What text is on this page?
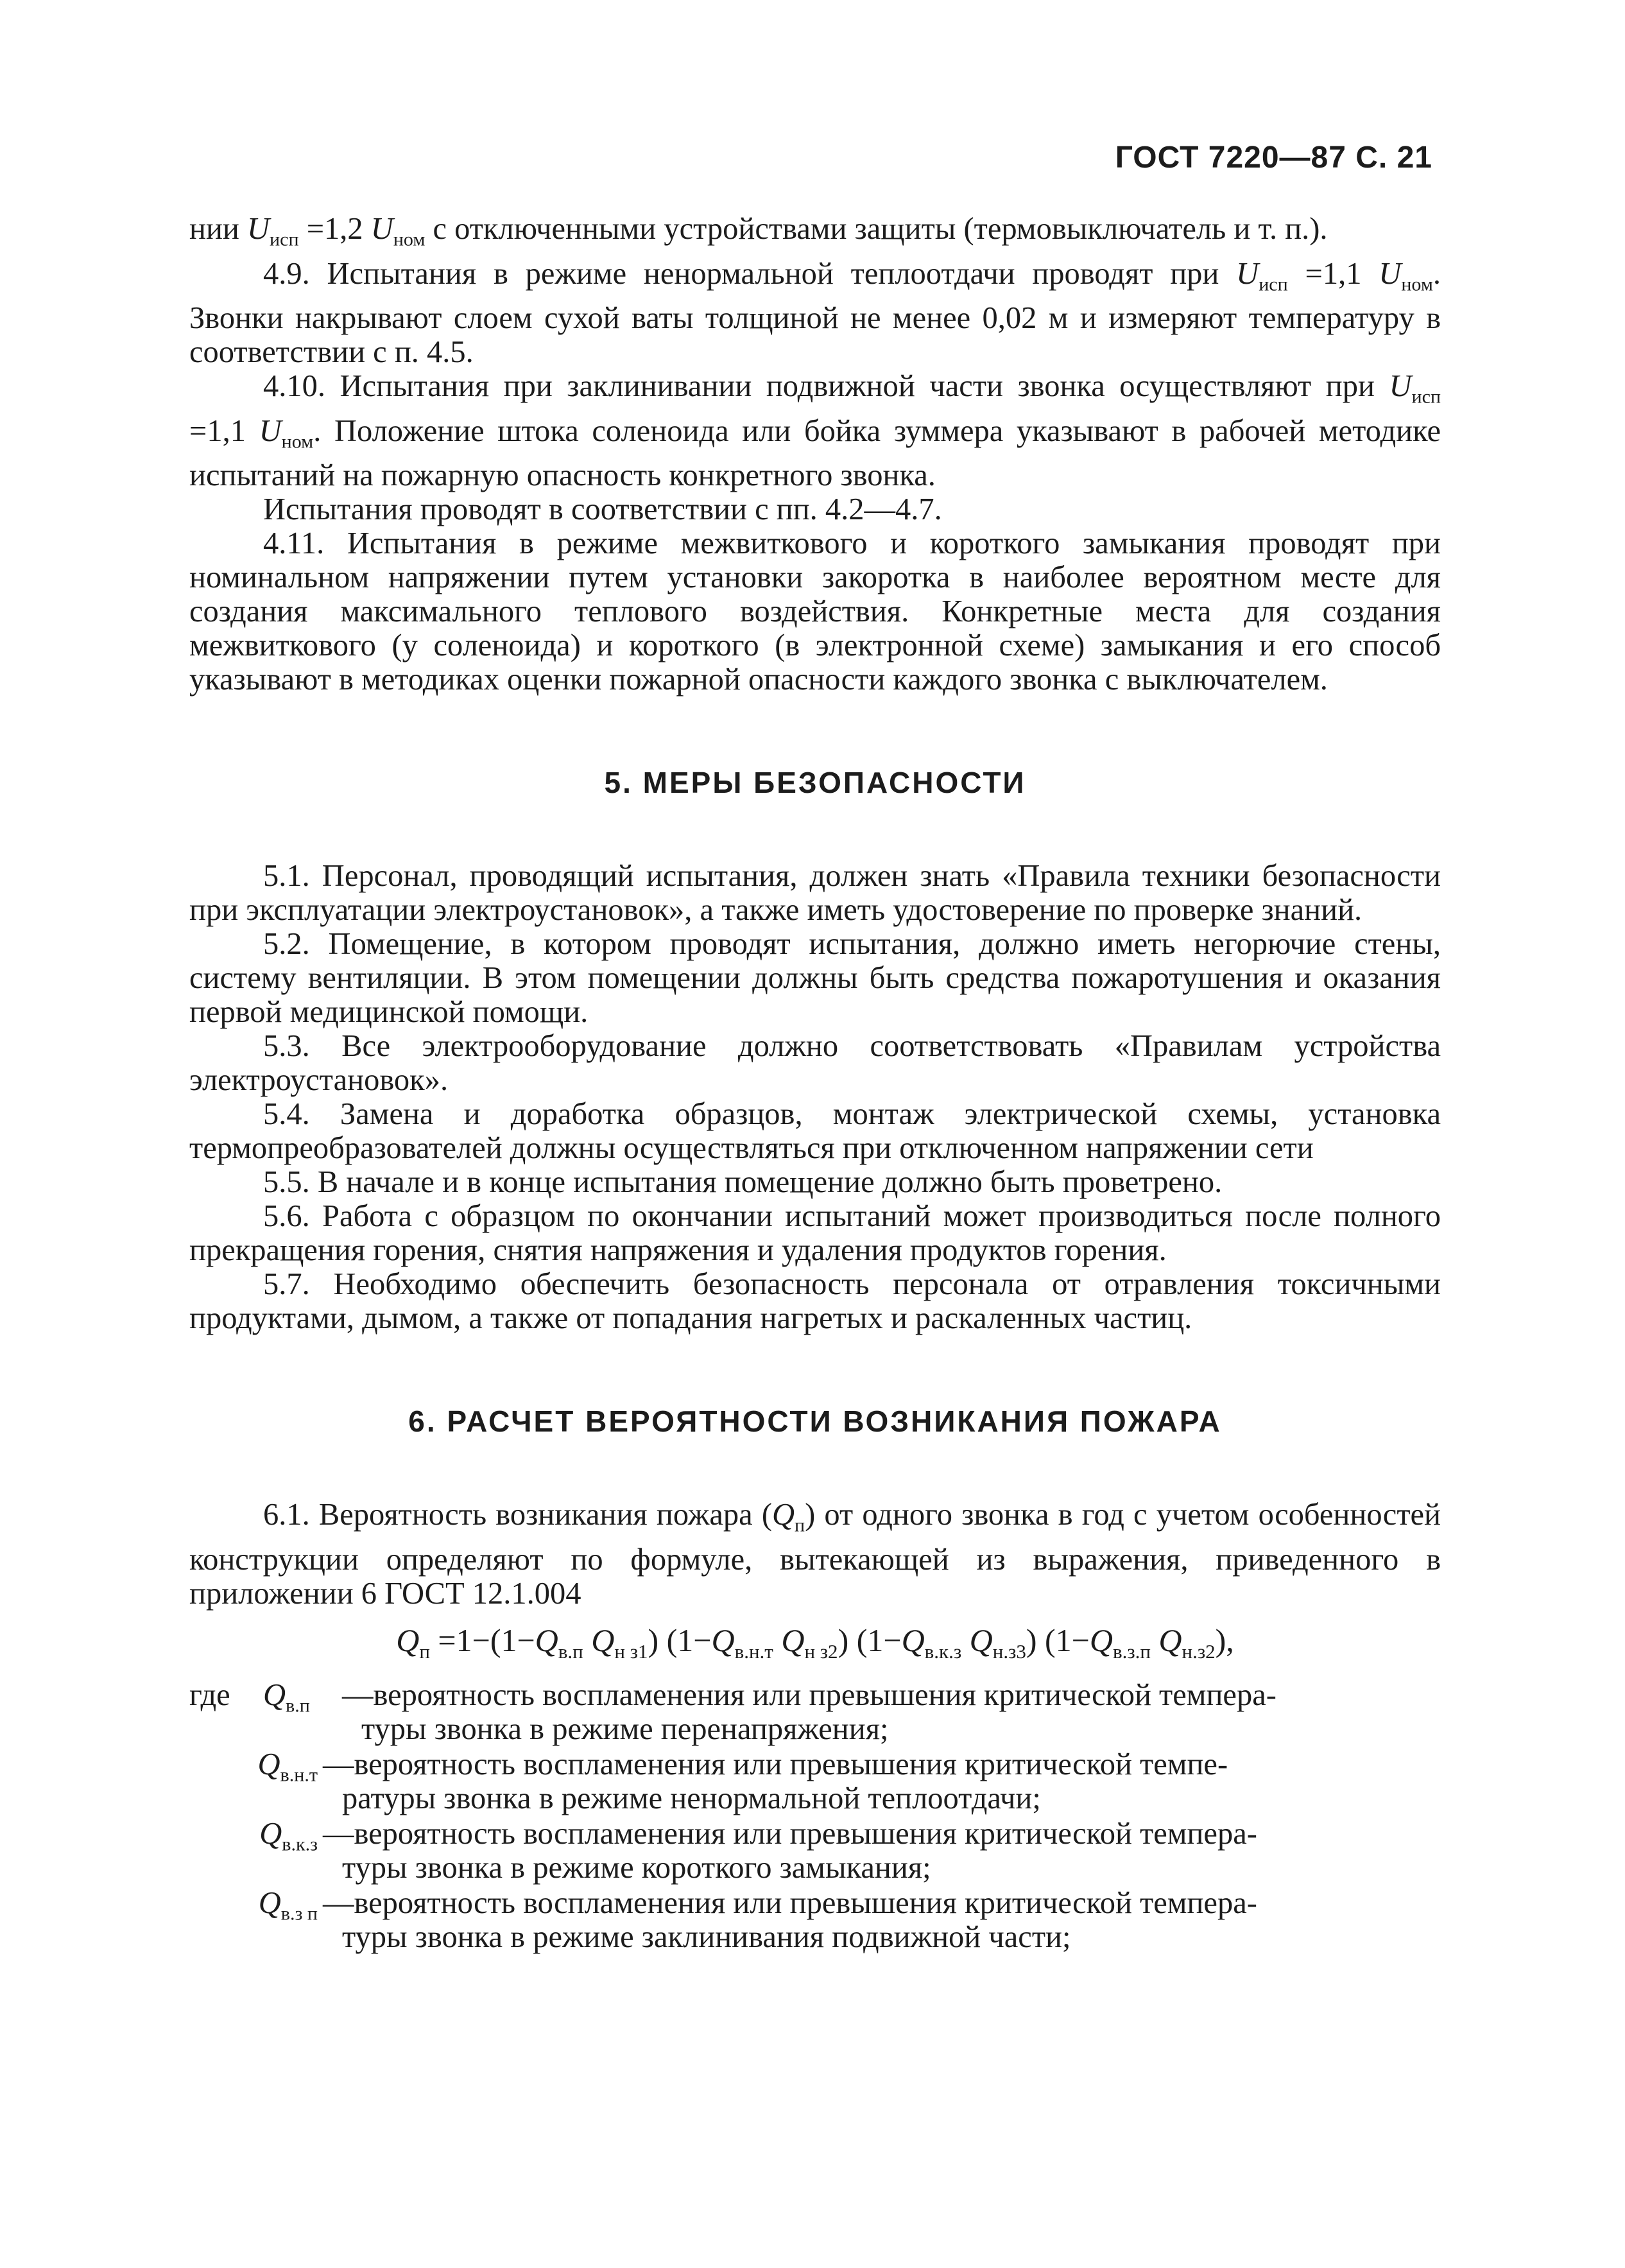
ГОСТ 7220—87 С. 21

нии $U_{исп} =1,2$ $U_{ном}$ с отключенными устройствами защиты (термовыключатель и т. п.).

4.9. Испытания в режиме ненормальной теплоотдачи проводят при $U_{исп} =1,1$ $U_{ном}$. Звонки накрывают слоем сухой ваты толщиной не менее 0,02 м и измеряют температуру в соответствии с п. 4.5.

4.10. Испытания при заклинивании подвижной части звонка осуществляют при $U_{исп} =1,1$ $U_{ном}$. Положение штока соленоида или бойка зуммера указывают в рабочей методике испытаний на пожарную опасность конкретного звонка.

Испытания проводят в соответствии с пп. 4.2—4.7.

4.11. Испытания в режиме межвиткового и короткого замыкания проводят при номинальном напряжении путем установки закоротка в наиболее вероятном месте для создания максимального теплового воздействия. Конкретные места для создания межвиткового (у соленоида) и короткого (в электронной схеме) замыкания и его способ указывают в методиках оценки пожарной опасности каждого звонка с выключателем.

5. МЕРЫ БЕЗОПАСНОСТИ

5.1. Персонал, проводящий испытания, должен знать «Правила техники безопасности при эксплуатации электроустановок», а также иметь удостоверение по проверке знаний.

5.2. Помещение, в котором проводят испытания, должно иметь негорючие стены, систему вентиляции. В этом помещении должны быть средства пожаротушения и оказания первой медицинской помощи.

5.3. Все электрооборудование должно соответствовать «Правилам устройства электроустановок».

5.4. Замена и доработка образцов, монтаж электрической схемы, установка термопреобразователей должны осуществляться при отключенном напряжении сети

5.5. В начале и в конце испытания помещение должно быть проветрено.

5.6. Работа с образцом по окончании испытаний может производиться после полного прекращения горения, снятия напряжения и удаления продуктов горения.

5.7. Необходимо обеспечить безопасность персонала от отравления токсичными продуктами, дымом, а также от попадания нагретых и раскаленных частиц.

6. РАСЧЕТ ВЕРОЯТНОСТИ ВОЗНИКАНИЯ ПОЖАРА

6.1. Вероятность возникания пожара $(Q_п)$ от одного звонка в год с учетом особенностей конструкции определяют по формуле, вытекающей из выражения, приведенного в приложении 6 ГОСТ 12.1.004

$Q_п =1-(1-Q_{в.п}$ $Q_{н з1}$) ($1-Q_{в.н.т}$ $Q_{н з2}$) ($1-Q_{в.к.з}$ $Q_{н.з3}$) ($1-Q_{в.з.п}$ $Q_{н.з2}$),

где	$Q_{в.п}$	—вероятность воспламенения или превышения критической темпера-
туры звонка в режиме перенапряжения;
$Q_{в.н.т}$ —вероятность воспламенения или превышения критической темпе-
ратуры звонка в режиме ненормальной теплоотдачи;
$Q_{в.к.з}$ —вероятность воспламенения или превышения критической темпера-
туры звонка в режиме короткого замыкания;
$Q_{в.з п}$ —вероятность воспламенения или превышения критической темпера-
туры звонка в режиме заклинивания подвижной части;
